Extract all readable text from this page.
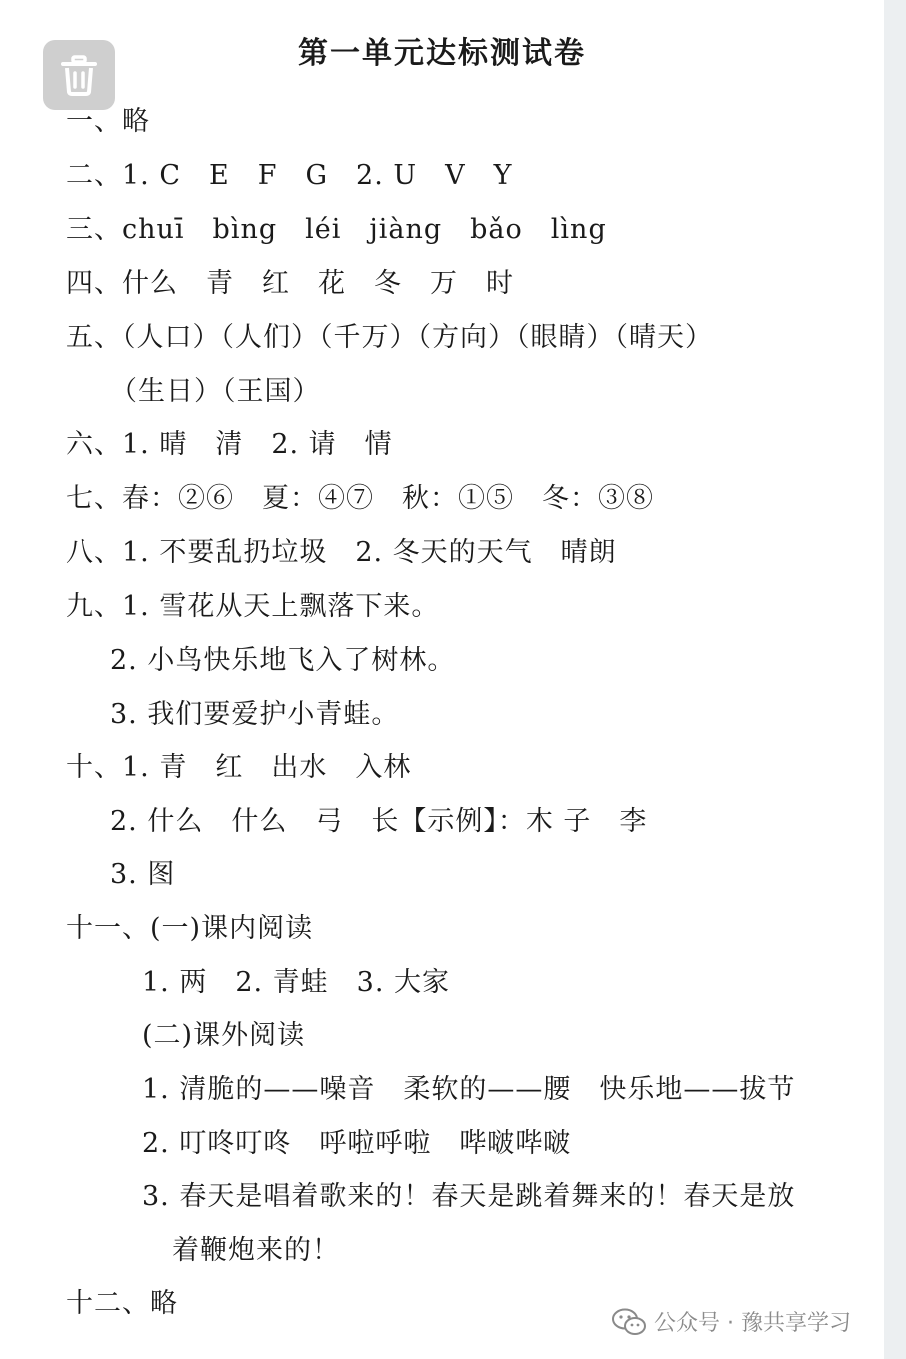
第一单元达标测试卷
一、略
二、1. C　E　F　G　2. U　V　Y
三、chuī　bìng　léi　jiàng　bǎo　lìng
四、什么　青　红　花　冬　万　时
五、（人口）（人们）（千万）（方向）（眼睛）（晴天）
（生日）（王国）
六、1. 晴　清　2. 请　情
七、春：②⑥　夏：④⑦　秋：①⑤　冬：③⑧
八、1. 不要乱扔垃圾　2. 冬天的天气　晴朗
九、1. 雪花从天上飘落下来。
2. 小鸟快乐地飞入了树林。
3. 我们要爱护小青蛙。
十、1. 青　红　出水　入林
2. 什么　什么　弓　长【示例】：木 子　李
3. 图
十一、(一)课内阅读
1. 两　2. 青蛙　3. 大家
(二)课外阅读
1. 清脆的——噪音　柔软的——腰　快乐地——拔节
2. 叮咚叮咚　呼啦呼啦　哔啵哔啵
3. 春天是唱着歌来的！春天是跳着舞来的！春天是放
着鞭炮来的！
十二、略
公众号 · 豫共享学习
